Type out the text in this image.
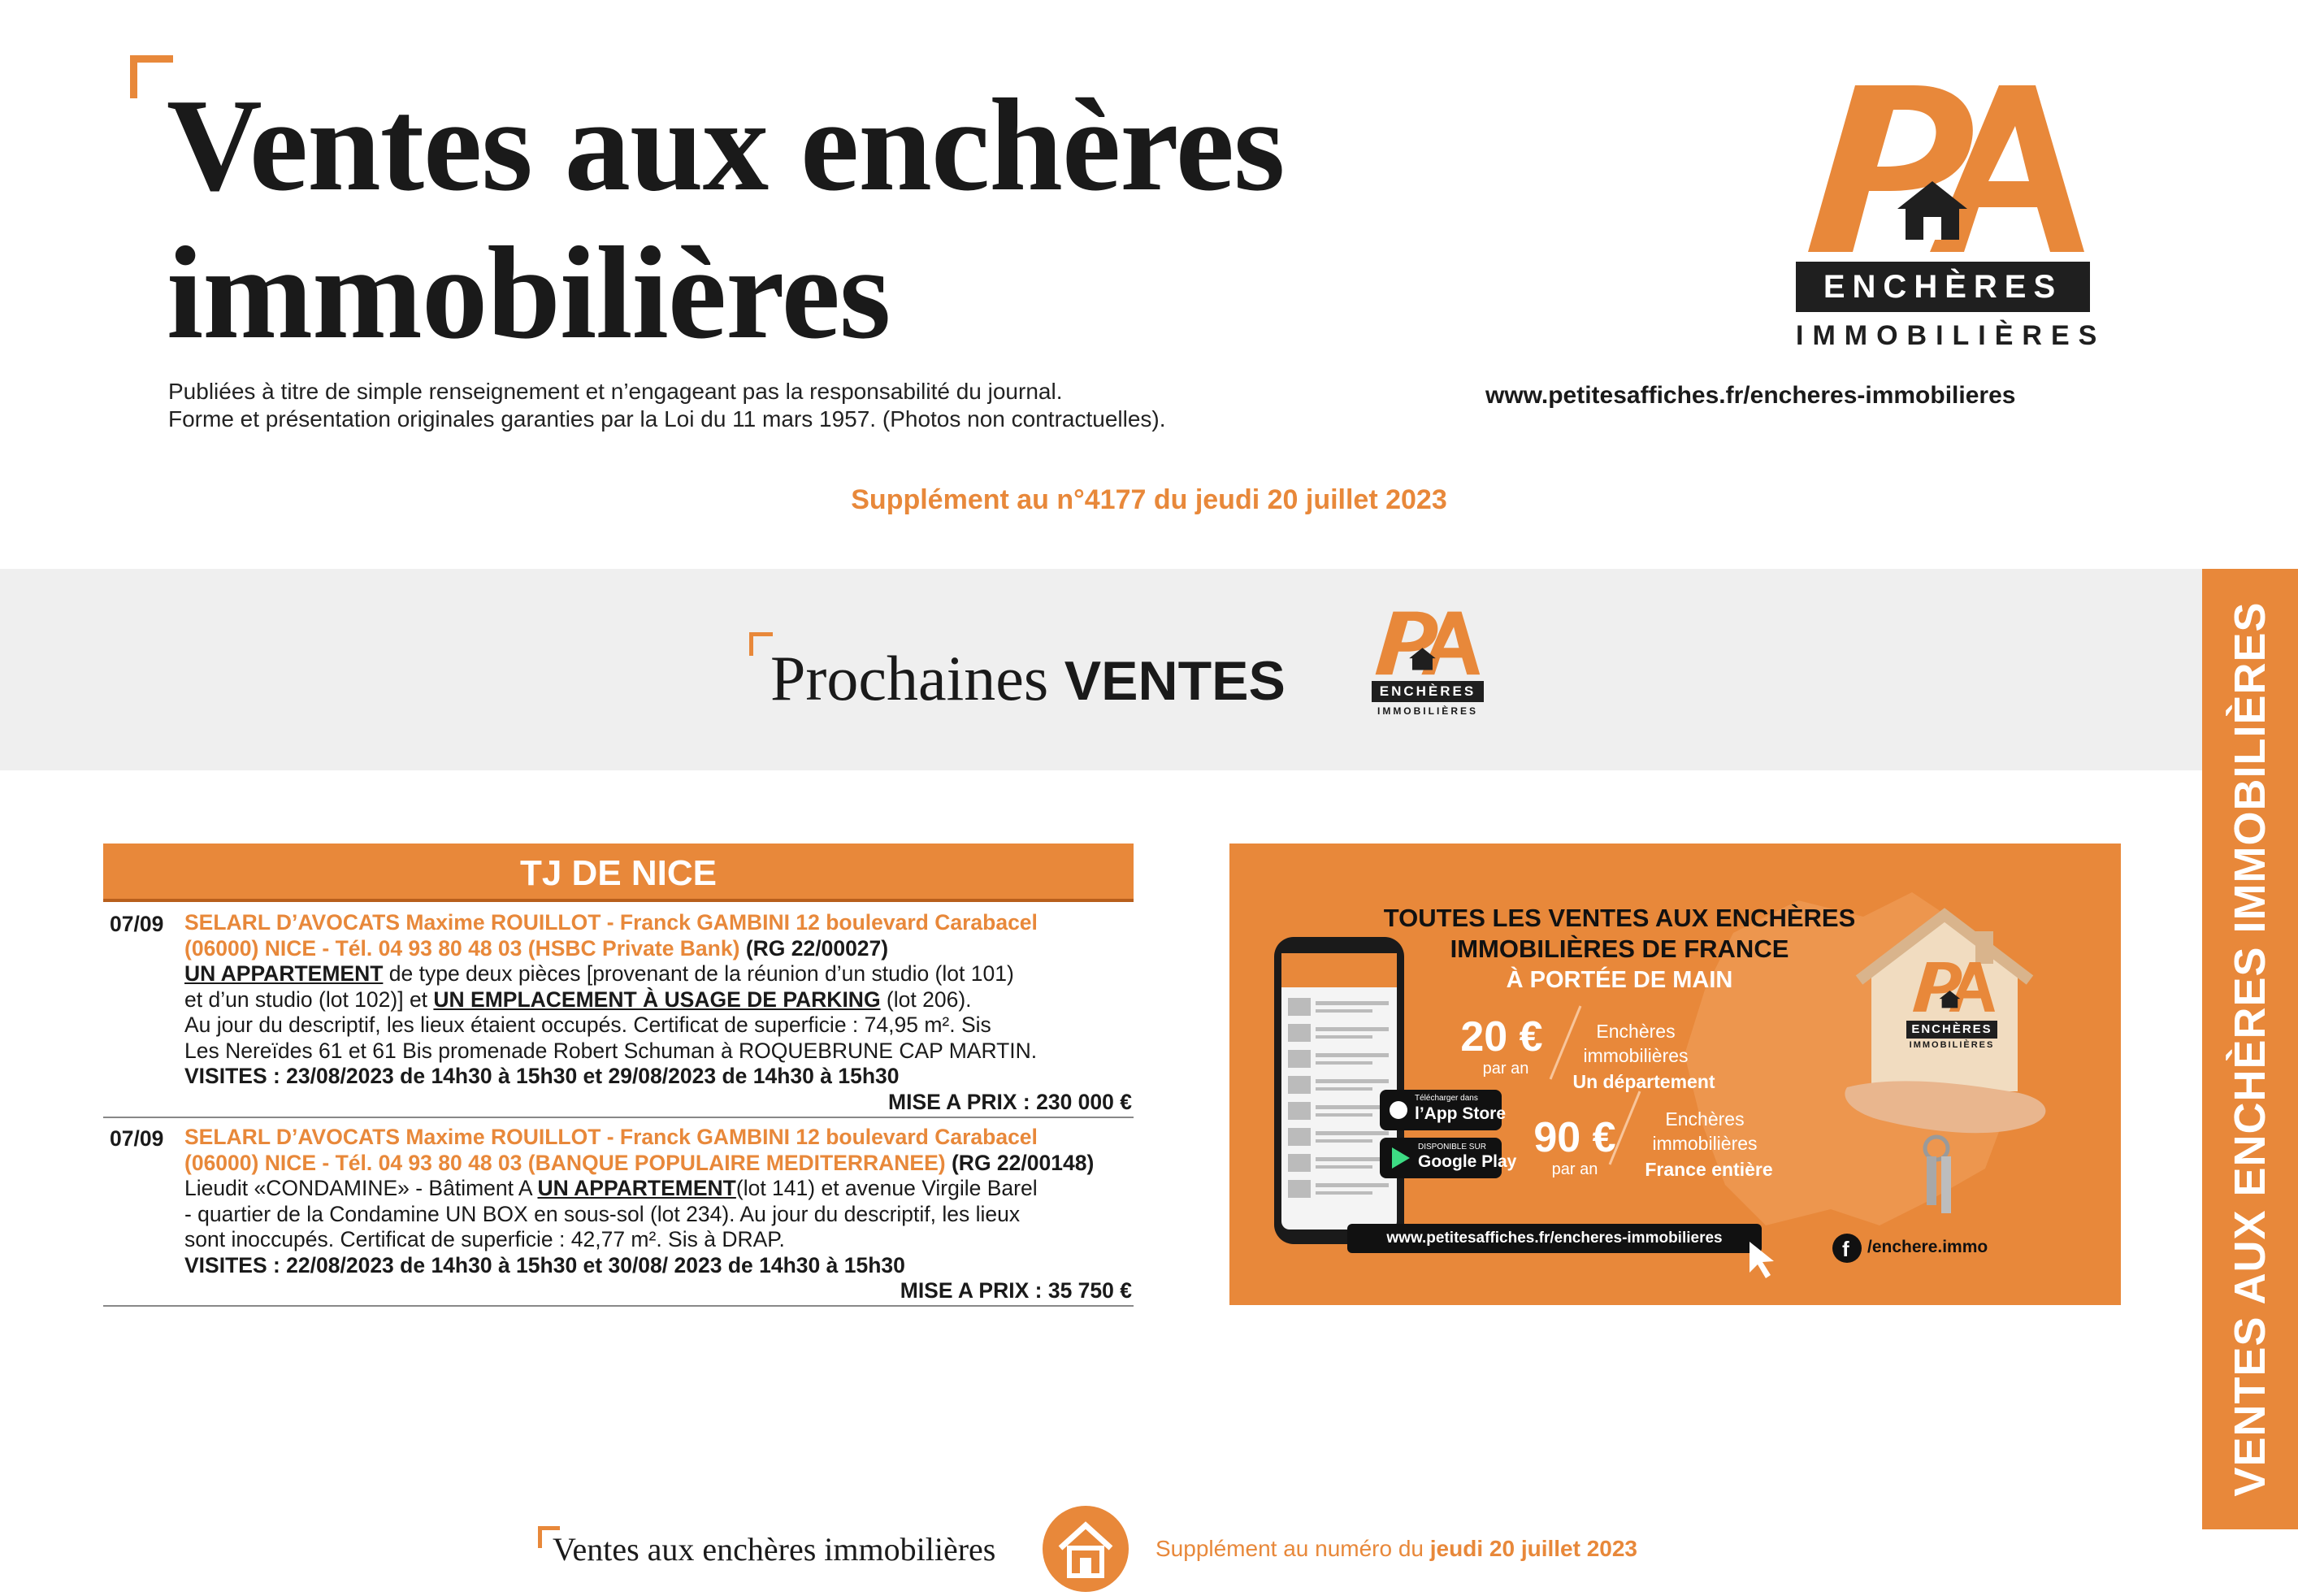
Ventes aux enchères
immobilières
Publiées à titre de simple renseignement et n’engageant pas la responsabilité du journal.
Forme et présentation originales garanties par la Loi du 11 mars 1957. (Photos non contractuelles).
Supplément au n°4177 du jeudi 20 juillet 2023
ENCHÈRES
IMMOBILIÈRES
www.petitesaffiches.fr/encheres-immobilieres
Prochaines VENTES	ENCHÈRES
IMMOBILIÈRES	VENTES AUX ENCHÈRES IMMOBILIÈRES
TJ DE NICE
07/09 SELARL D’AVOCATS Maxime ROUILLOT - Franck GAMBINI 12 boulevard Carabacel
(06000) NICE - Tél. 04 93 80 48 03 (HSBC Private Bank) (RG 22/00027)
UN APPARTEMENT de type deux pièces [provenant de la réunion d’un studio (lot 101)
et d’un studio (lot 102)] et UN EMPLACEMENT À USAGE DE PARKING (lot 206).
Au jour du descriptif, les lieux étaient occupés. Certificat de superficie : 74,95 m². Sis
Les Nereïdes 61 et 61 Bis promenade Robert Schuman à ROQUEBRUNE CAP MARTIN.
VISITES : 23/08/2023 de 14h30 à 15h30 et 29/08/2023 de 14h30 à 15h30
MISE A PRIX : 230 000 €
07/09 SELARL D’AVOCATS Maxime ROUILLOT - Franck GAMBINI 12 boulevard Carabacel
(06000) NICE - Tél. 04 93 80 48 03 (BANQUE POPULAIRE MEDITERRANEE) (RG 22/00148)
Lieudit «CONDAMINE» - Bâtiment A UN APPARTEMENT(lot 141) et avenue Virgile Barel
- quartier de la Condamine UN BOX en sous-sol (lot 234). Au jour du descriptif, les lieux
sont inoccupés. Certificat de superficie : 42,77 m². Sis à DRAP.
VISITES : 22/08/2023 de 14h30 à 15h30 et 30/08/ 2023 de 14h30 à 15h30
MISE A PRIX : 35 750 €
TOUTES LES VENTES AUX ENCHÈRES
IMMOBILIÈRES DE FRANCE
À PORTÉE DE MAIN
20 €
par an
Enchères
immobilières
Un département
90 €
par an
Enchères
immobilières
France entière
Télécharger dans
l’App Store
DISPONIBLE SUR
Google Play
www.petitesaffiches.fr/encheres-immobilieres	f /enchere.immo
ENCHÈRES
IMMOBILIÈRES
Ventes aux enchères immobilières	Supplément au numéro du jeudi 20 juillet 2023
